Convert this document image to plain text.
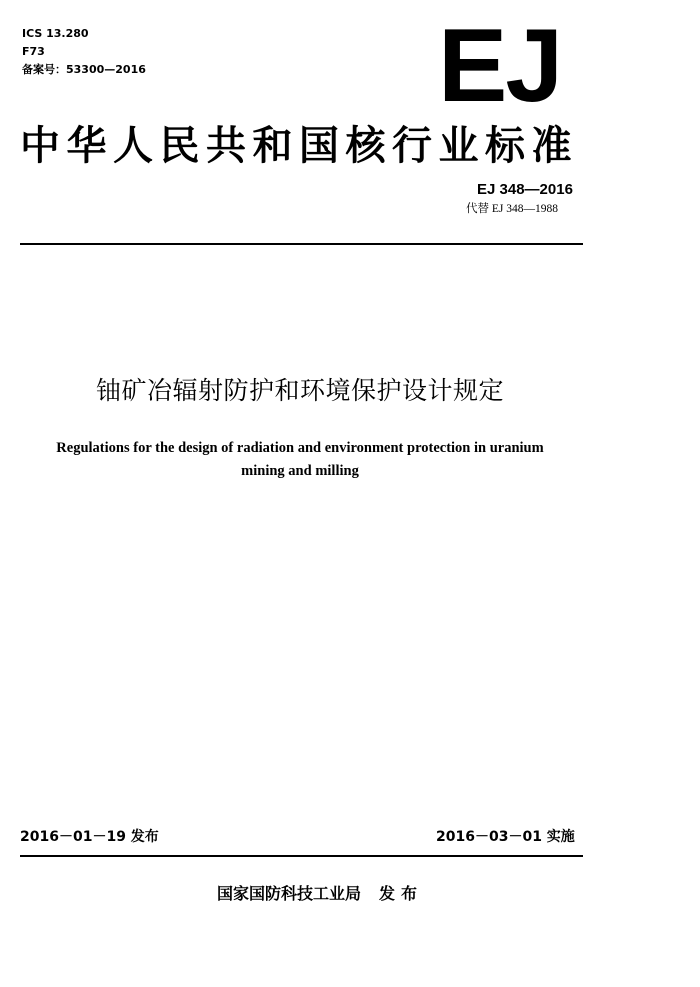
ICS 13.280
F73
备案号：53300—2016	EJ
中华人民共和国核行业标准
EJ 348—2016
代替 EJ 348—1988
铀矿冶辐射防护和环境保护设计规定
Regulations for the design of radiation and environment protection in uranium
mining and milling
2016－01－19 发布	2016－03－01 实施
国家国防科技工业局 发布
